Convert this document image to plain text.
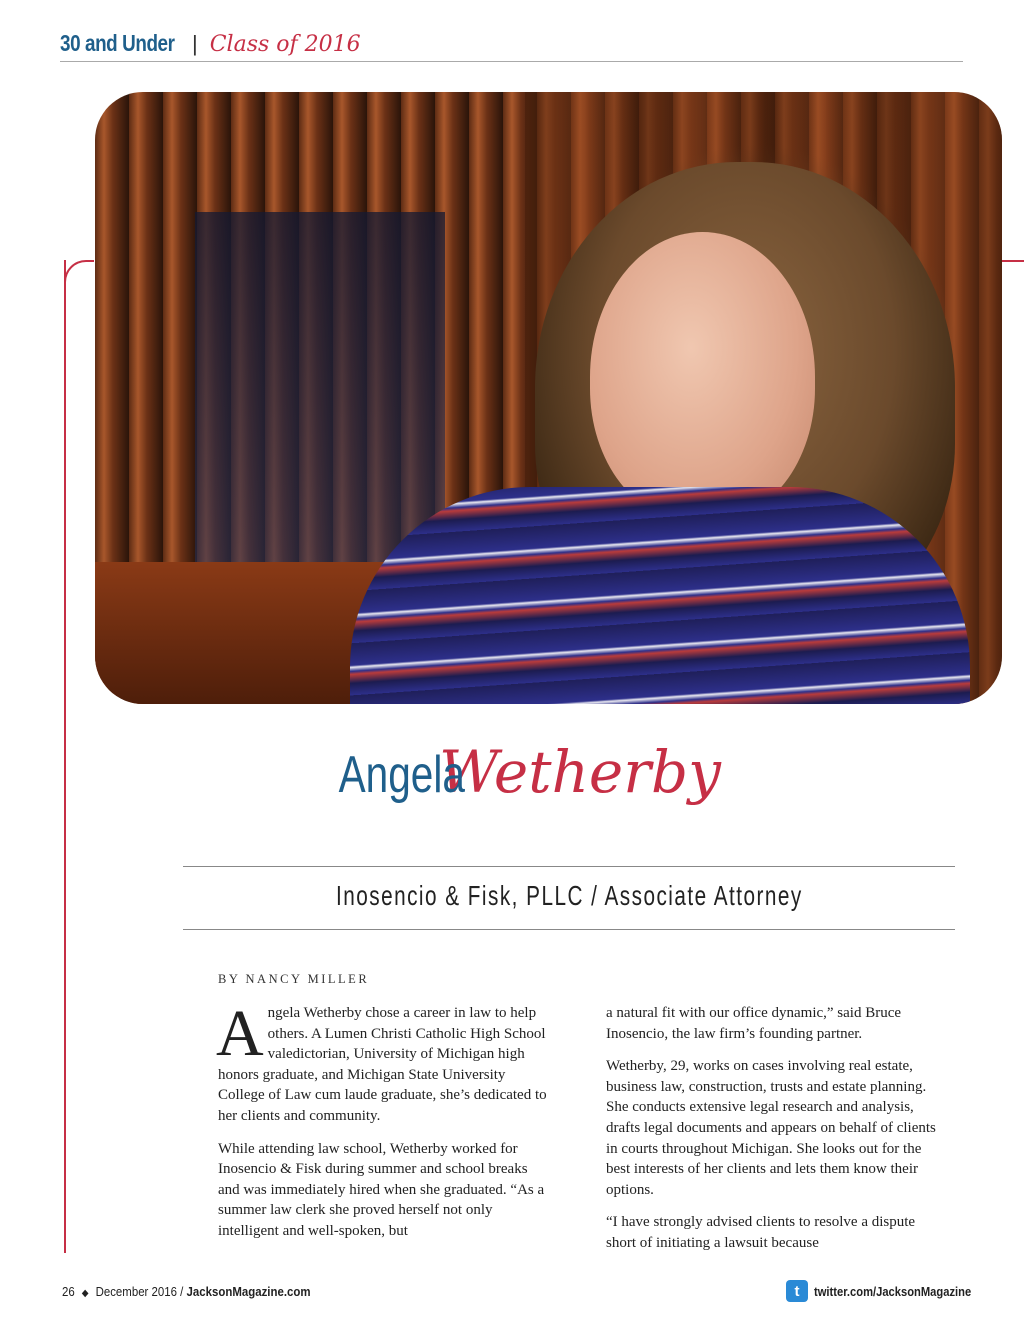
30 and Under | Class of 2016
Angela Wetherby
Inosencio & Fisk, PLLC / Associate Attorney
BY NANCY MILLER

Angela Wetherby chose a career in law to help others. A Lumen Christi Catholic High School valedictorian, University of Michigan high honors graduate, and Michigan State University College of Law cum laude graduate, she’s dedicated to her clients and community.

While attending law school, Wetherby worked for Inosencio & Fisk during summer and school breaks and was immediately hired when she graduated. “As a summer law clerk she proved herself not only intelligent and well-spoken, but

a natural fit with our office dynamic,” said Bruce Inosencio, the law firm’s founding partner.

Wetherby, 29, works on cases involving real estate, business law, construction, trusts and estate planning. She conducts extensive legal research and analysis, drafts legal documents and appears on behalf of clients in courts throughout Michigan. She looks out for the best interests of her clients and lets them know their options.

“I have strongly advised clients to resolve a dispute short of initiating a lawsuit because

26 ◆ December 2016 / JacksonMagazine.com	t	twitter.com/JacksonMagazine
